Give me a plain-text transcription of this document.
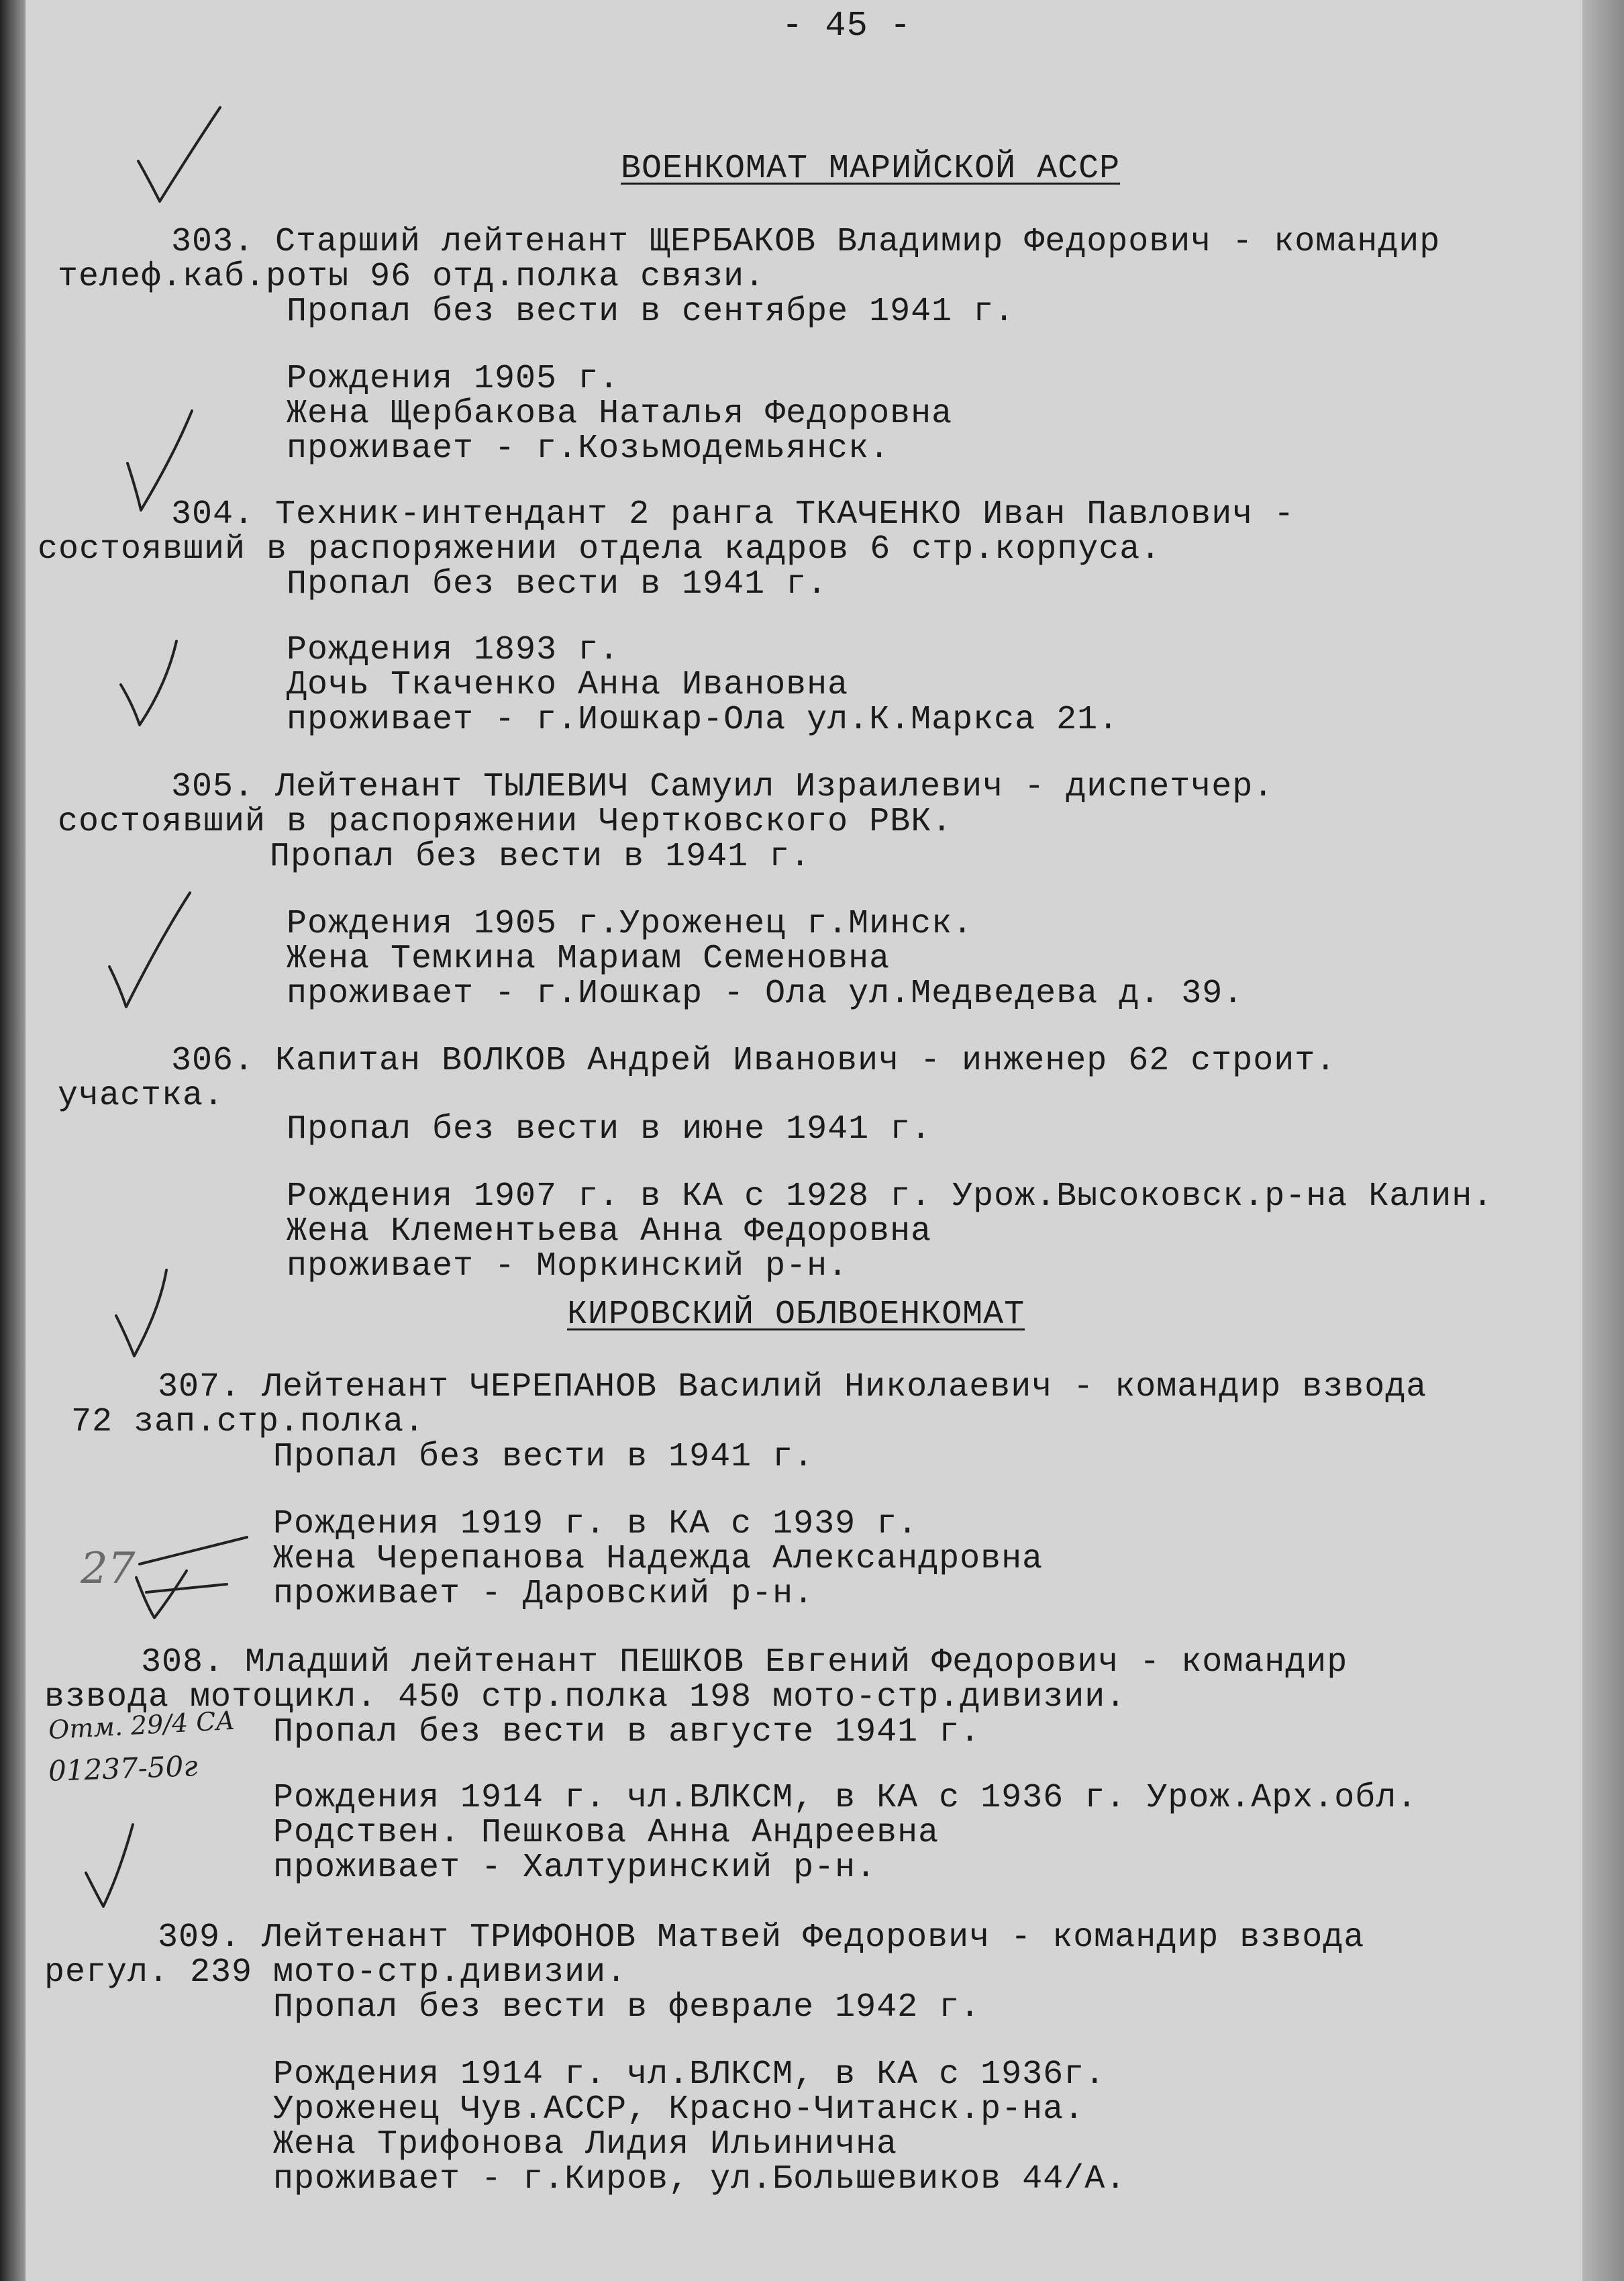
- 45 -
ВОЕНКОМАТ МАРИЙСКОЙ АССР
303. Старший лейтенант ЩЕРБАКОВ Владимир Федорович - командир
телеф.каб.роты 96 отд.полка связи.
Пропал без вести в сентябре 1941 г.
Рождения 1905 г.
Жена Щербакова Наталья Федоровна
проживает - г.Козьмодемьянск.
304. Техник-интендант 2 ранга ТКАЧЕНКО Иван Павлович -
состоявший в распоряжении отдела кадров 6 стр.корпуса.
Пропал без вести в 1941 г.
Рождения 1893 г.
Дочь Ткаченко Анна Ивановна
проживает - г.Иошкар-Ола ул.К.Маркса 21.
305. Лейтенант ТЫЛЕВИЧ Самуил Израилевич - диспетчер.
состоявший в распоряжении Чертковского РВК.
Пропал без вести в 1941 г.
Рождения 1905 г.Уроженец г.Минск.
Жена Темкина Мариам Семеновна
проживает - г.Иошкар - Ола ул.Медведева д. 39.
306. Капитан ВОЛКОВ Андрей Иванович - инженер 62 строит.
участка.
Пропал без вести в июне 1941 г.
Рождения 1907 г. в КА с 1928 г. Урож.Высоковск.р-на Калин.
Жена Клементьева Анна Федоровна
проживает - Моркинский р-н.
КИРОВСКИЙ ОБЛВОЕНКОМАТ
307. Лейтенант ЧЕРЕПАНОВ Василий Николаевич - командир взвода
72 зап.стр.полка.
Пропал без вести в 1941 г.
Рождения 1919 г. в КА с 1939 г.
Жена Черепанова Надежда Александровна
проживает - Даровский р-н.
308. Младший лейтенант ПЕШКОВ Евгений Федорович - командир
взвода мотоцикл. 450 стр.полка 198 мото-стр.дивизии.
Пропал без вести в августе 1941 г.
Рождения 1914 г. чл.ВЛКСМ, в КА с 1936 г. Урож.Арх.обл.
Родствен. Пешкова Анна Андреевна
проживает - Халтуринский р-н.
309. Лейтенант ТРИФОНОВ Матвей Федорович - командир взвода
регул. 239 мото-стр.дивизии.
Пропал без вести в феврале 1942 г.
Рождения 1914 г. чл.ВЛКСМ, в КА с 1936г.
Уроженец Чув.АССР, Красно-Читанск.р-на.
Жена Трифонова Лидия Ильинична
проживает - г.Киров, ул.Большевиков 44/А.
Отм. 29/4 СА
01237-50г
27
